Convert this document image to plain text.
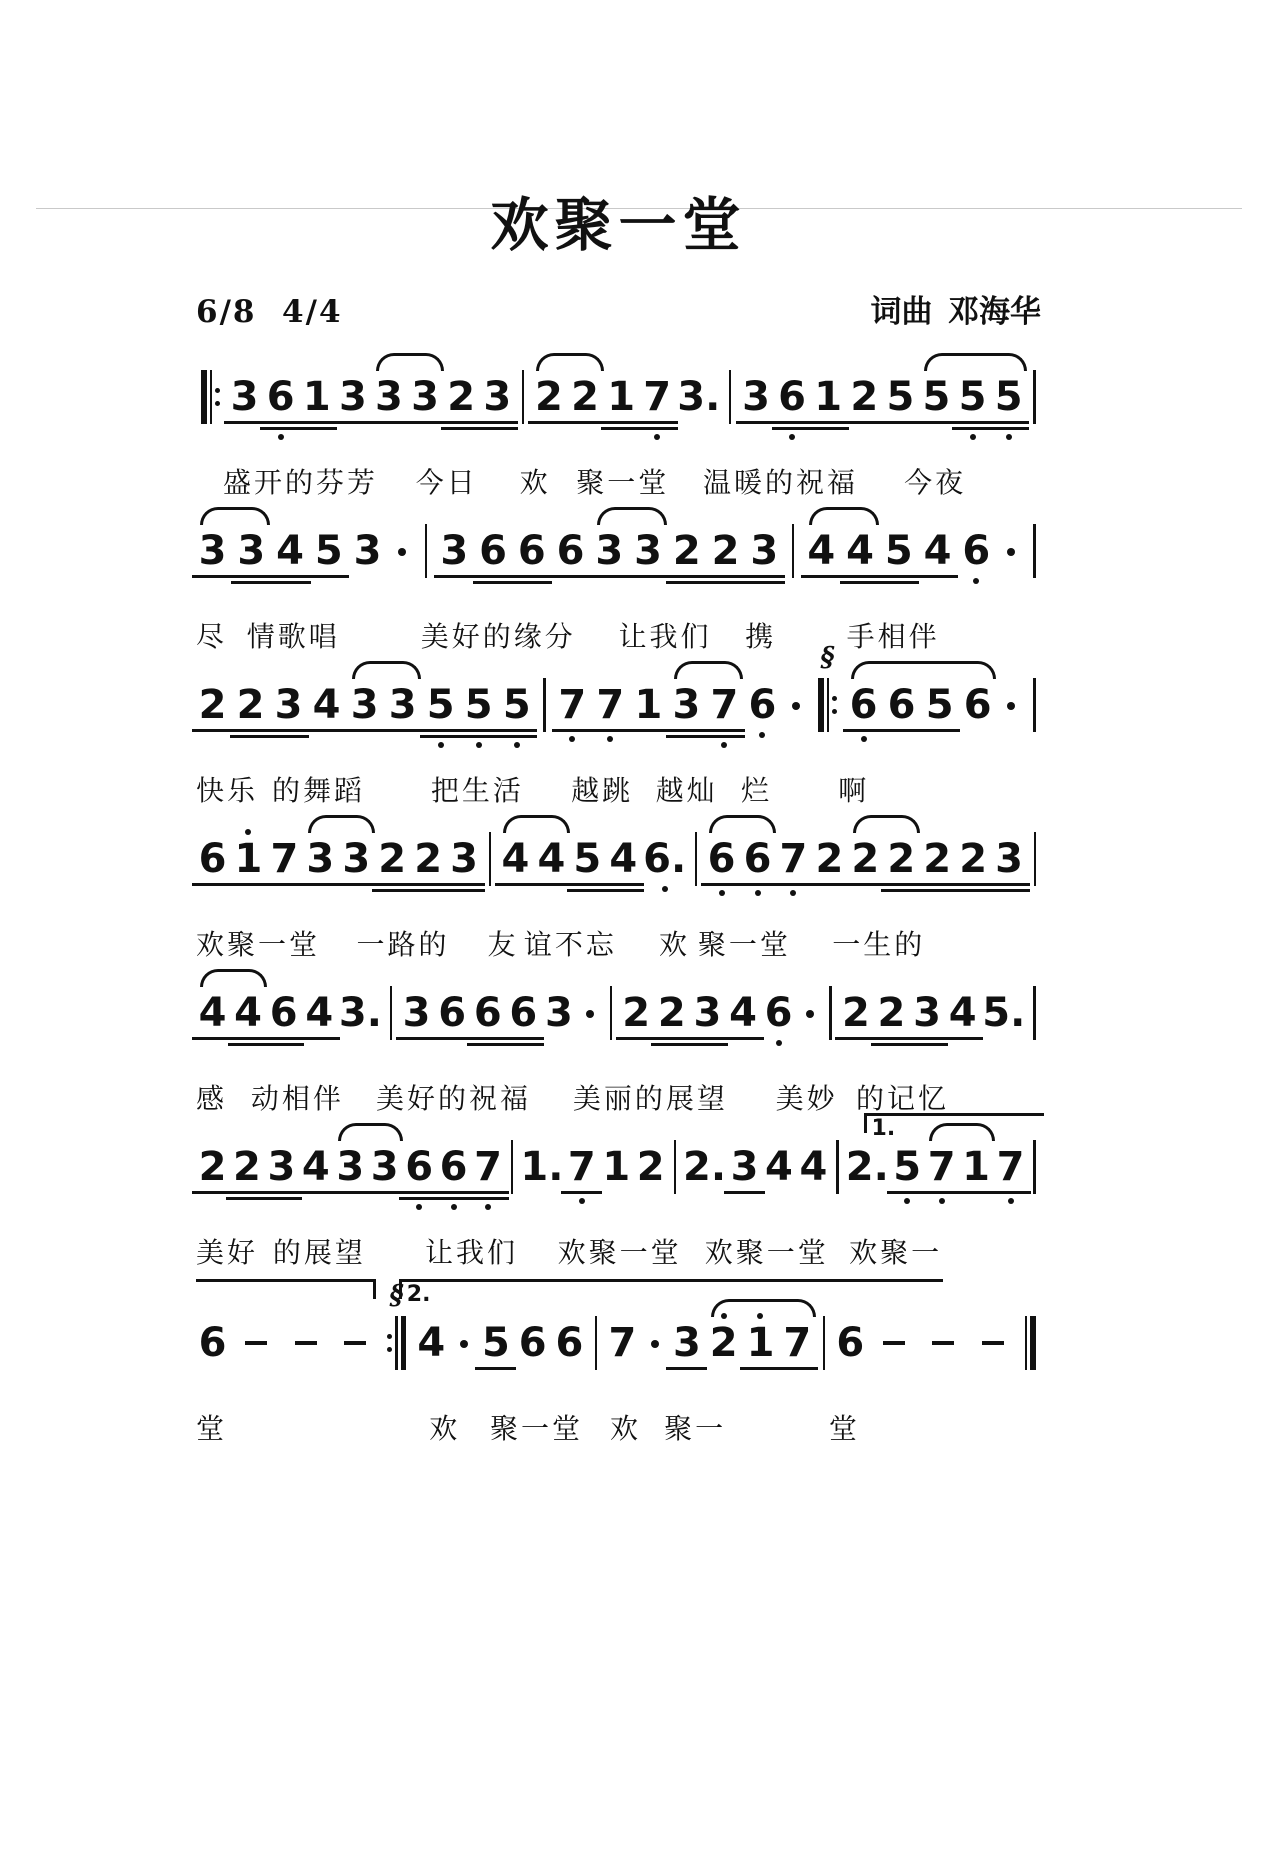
欢聚一堂
6/8  4/4	词曲  邓海华
3 6 1 3 3 3 2 3 2 2 1 7 3. 3 6 1 2 5 5 5 5
盛开的芬芳 今日 欢 聚一堂 温暖的祝福 今夜
3 3 4 5 3 3 6 6 6 3 3 2 2 3 4 4 5 4 6
尽 情歌唱	美好的缘分 让我们 携	手相伴
2 2 3 4 3 3 5 5 5 7 7 1 3 7 6
§
6 6 5 6
快乐 的舞蹈 把生活 越跳 越灿 烂 啊
6 1 7 3 3 2 2 3 4 4 5 4 6. 6 6 7 2 2 2 2 2 3
欢聚一堂 一路的 友 谊不忘 欢 聚一堂 一生的
4 4 6 4 3. 3 6 6 6 3 2 2 3 4 6 2 2 3 4 5.
感 动相伴 美好的祝福 美丽的展望 美妙 的记忆
2 2 3 4 3 3 6 6 7 1. 7 1 2 2. 3 4 4 2. 5 7 1 7
1.
美好 的展望 让我们 欢聚一堂 欢聚一堂 欢聚一
6
§
4 5 6 6 7 3 2 1 7 6
2.
堂	欢 聚一堂 欢 聚一	堂
